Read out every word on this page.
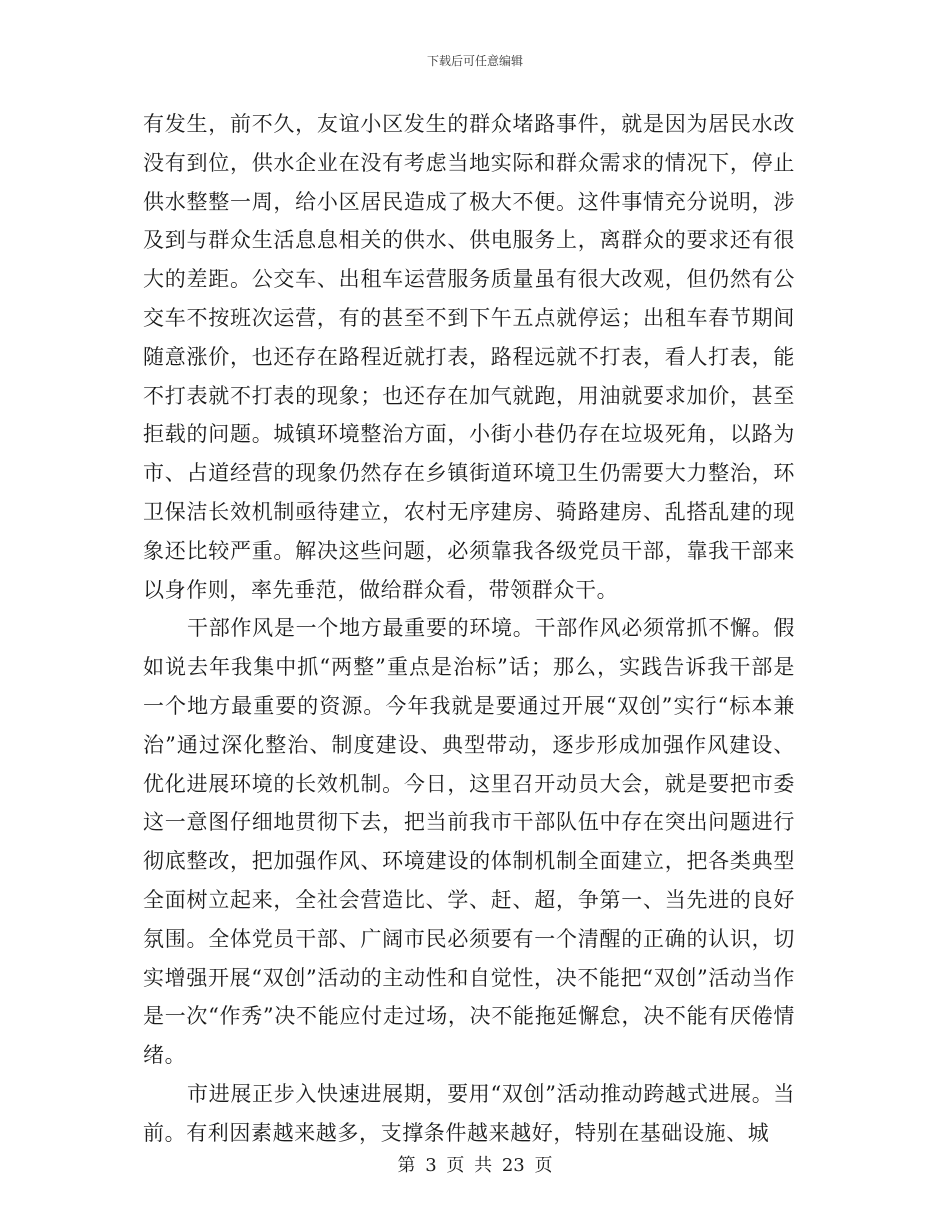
下载后可任意编辑

有发生，前不久，友谊小区发生的群众堵路事件，就是因为居民水改没有到位，供水企业在没有考虑当地实际和群众需求的情况下，停止供水整整一周，给小区居民造成了极大不便。这件事情充分说明，涉及到与群众生活息息相关的供水、供电服务上，离群众的要求还有很大的差距。公交车、出租车运营服务质量虽有很大改观，但仍然有公交车不按班次运营，有的甚至不到下午五点就停运；出租车春节期间随意涨价，也还存在路程近就打表，路程远就不打表，看人打表，能不打表就不打表的现象；也还存在加气就跑，用油就要求加价，甚至拒载的问题。城镇环境整治方面，小街小巷仍存在垃圾死角，以路为市、占道经营的现象仍然存在乡镇街道环境卫生仍需要大力整治，环卫保洁长效机制亟待建立，农村无序建房、骑路建房、乱搭乱建的现象还比较严重。解决这些问题，必须靠我各级党员干部，靠我干部来以身作则，率先垂范，做给群众看，带领群众干。

干部作风是一个地方最重要的环境。干部作风必须常抓不懈。假如说去年我集中抓“两整”重点是治标”话；那么，实践告诉我干部是一个地方最重要的资源。今年我就是要通过开展“双创”实行“标本兼治”通过深化整治、制度建设、典型带动，逐步形成加强作风建设、优化进展环境的长效机制。今日，这里召开动员大会，就是要把市委这一意图仔细地贯彻下去，把当前我市干部队伍中存在突出问题进行彻底整改，把加强作风、环境建设的体制机制全面建立，把各类典型全面树立起来，全社会营造比、学、赶、超，争第一、当先进的良好氛围。全体党员干部、广阔市民必须要有一个清醒的正确的认识，切实增强开展“双创”活动的主动性和自觉性，决不能把“双创”活动当作是一次“作秀”决不能应付走过场，决不能拖延懈怠，决不能有厌倦情绪。

市进展正步入快速进展期，要用“双创”活动推动跨越式进展。当前。有利因素越来越多，支撑条件越来越好，特别在基础设施、城

第 3 页 共 23 页
